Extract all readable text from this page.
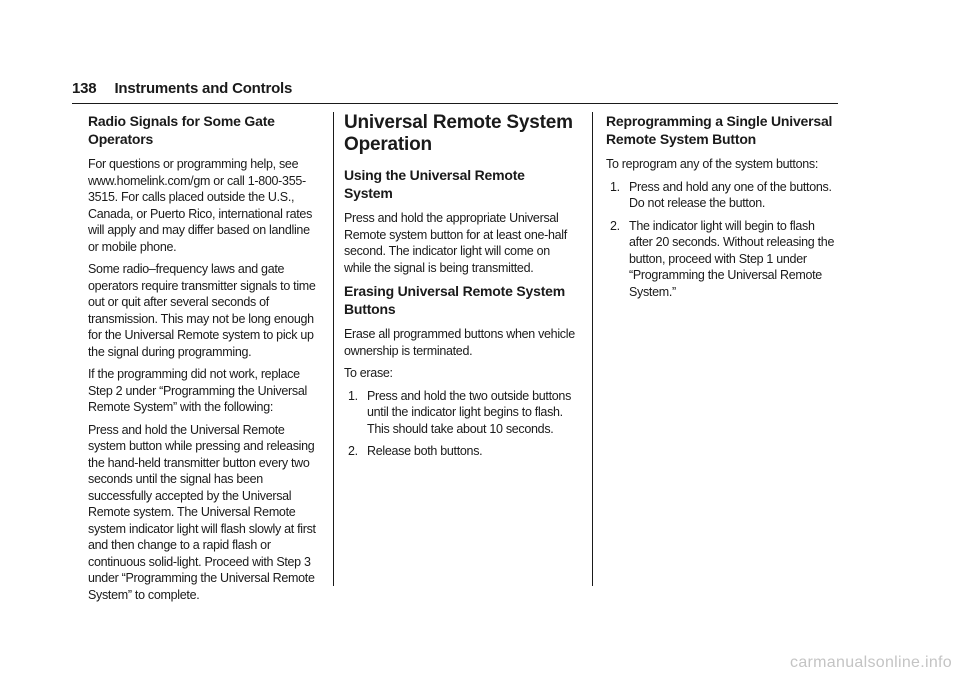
138 Instruments and Controls
Radio Signals for Some Gate Operators

For questions or programming help, see www.homelink.com/gm or call 1-800-355-3515. For calls placed outside the U.S., Canada, or Puerto Rico, international rates will apply and may differ based on landline or mobile phone.

Some radio–frequency laws and gate operators require transmitter signals to time out or quit after several seconds of transmission. This may not be long enough for the Universal Remote system to pick up the signal during programming.

If the programming did not work, replace Step 2 under “Programming the Universal Remote System” with the following:

Press and hold the Universal Remote system button while pressing and releasing the hand-held transmitter button every two seconds until the signal has been successfully accepted by the Universal Remote system. The Universal Remote system indicator light will flash slowly at first and then change to a rapid flash or continuous solid-light. Proceed with Step 3 under “Programming the Universal Remote System” to complete.

Universal Remote System Operation
Using the Universal Remote System

Press and hold the appropriate Universal Remote system button for at least one-half second. The indicator light will come on while the signal is being transmitted.

Erasing Universal Remote System Buttons

Erase all programmed buttons when vehicle ownership is terminated.

To erase:

1. Press and hold the two outside buttons until the indicator light begins to flash. This should take about 10 seconds.
2. Release both buttons.
Reprogramming a Single Universal Remote System Button

To reprogram any of the system buttons:

1. Press and hold any one of the buttons. Do not release the button.
2. The indicator light will begin to flash after 20 seconds. Without releasing the button, proceed with Step 1 under “Programming the Universal Remote System.”
carmanualsonline.info
